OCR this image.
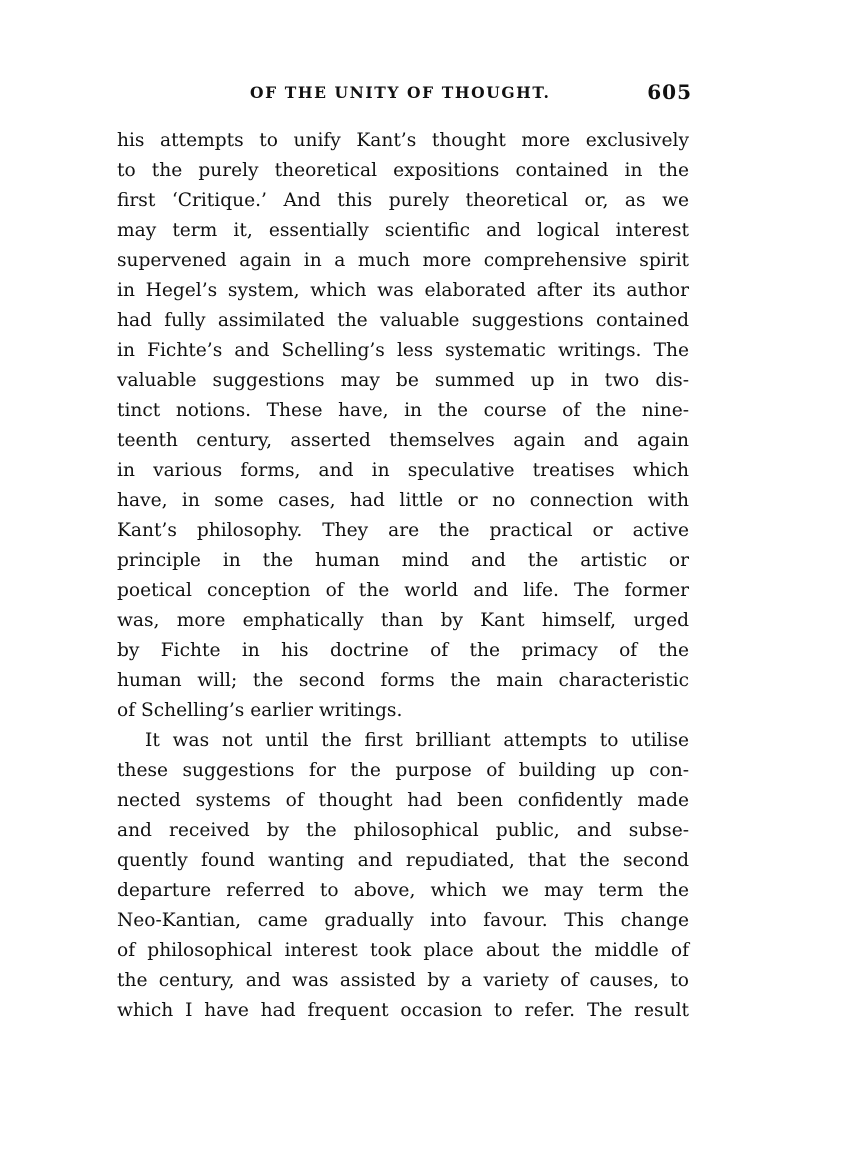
OF THE UNITY OF THOUGHT.	605
his attempts to unify Kant’s thought more exclusively
to the purely theoretical expositions contained in the
first ‘Critique.’ And this purely theoretical or, as we
may term it, essentially scientific and logical interest
supervened again in a much more comprehensive spirit
in Hegel’s system, which was elaborated after its author
had fully assimilated the valuable suggestions contained
in Fichte’s and Schelling’s less systematic writings. The
valuable suggestions may be summed up in two dis-
tinct notions. These have, in the course of the nine-
teenth century, asserted themselves again and again
in various forms, and in speculative treatises which
have, in some cases, had little or no connection with
Kant’s philosophy. They are the practical or active
principle in the human mind and the artistic or
poetical conception of the world and life. The former
was, more emphatically than by Kant himself, urged
by Fichte in his doctrine of the primacy of the
human will; the second forms the main characteristic
of Schelling’s earlier writings.
It was not until the first brilliant attempts to utilise
these suggestions for the purpose of building up con-
nected systems of thought had been confidently made
and received by the philosophical public, and subse-
quently found wanting and repudiated, that the second
departure referred to above, which we may term the
Neo-Kantian, came gradually into favour. This change
of philosophical interest took place about the middle of
the century, and was assisted by a variety of causes, to
which I have had frequent occasion to refer. The result
